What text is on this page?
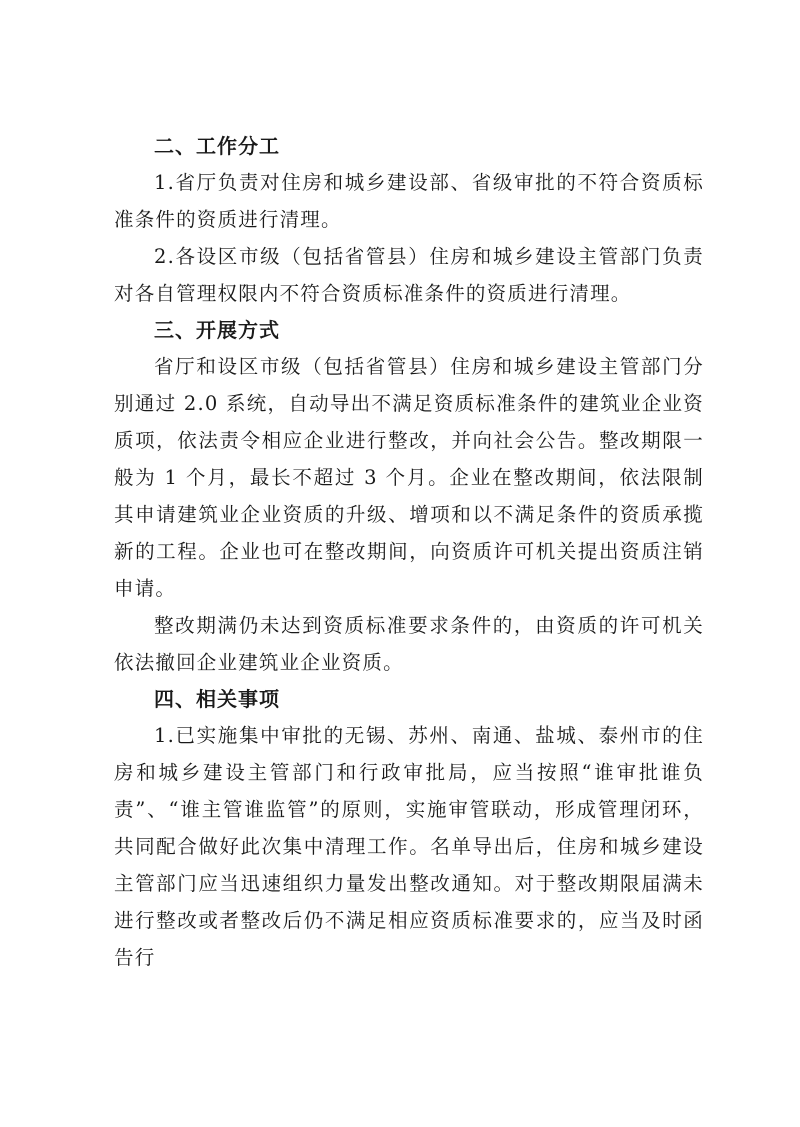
二、工作分工

1.省厅负责对住房和城乡建设部、省级审批的不符合资质标准条件的资质进行清理。

2.各设区市级（包括省管县）住房和城乡建设主管部门负责对各自管理权限内不符合资质标准条件的资质进行清理。

三、开展方式

省厅和设区市级（包括省管县）住房和城乡建设主管部门分别通过 2.0 系统，自动导出不满足资质标准条件的建筑业企业资质项，依法责令相应企业进行整改，并向社会公告。整改期限一般为 1 个月，最长不超过 3 个月。企业在整改期间，依法限制其申请建筑业企业资质的升级、增项和以不满足条件的资质承揽新的工程。企业也可在整改期间，向资质许可机关提出资质注销申请。

整改期满仍未达到资质标准要求条件的，由资质的许可机关依法撤回企业建筑业企业资质。

四、相关事项

1.已实施集中审批的无锡、苏州、南通、盐城、泰州市的住房和城乡建设主管部门和行政审批局，应当按照“谁审批谁负责”、“谁主管谁监管”的原则，实施审管联动，形成管理闭环，共同配合做好此次集中清理工作。名单导出后，住房和城乡建设主管部门应当迅速组织力量发出整改通知。对于整改期限届满未进行整改或者整改后仍不满足相应资质标准要求的，应当及时函告行
